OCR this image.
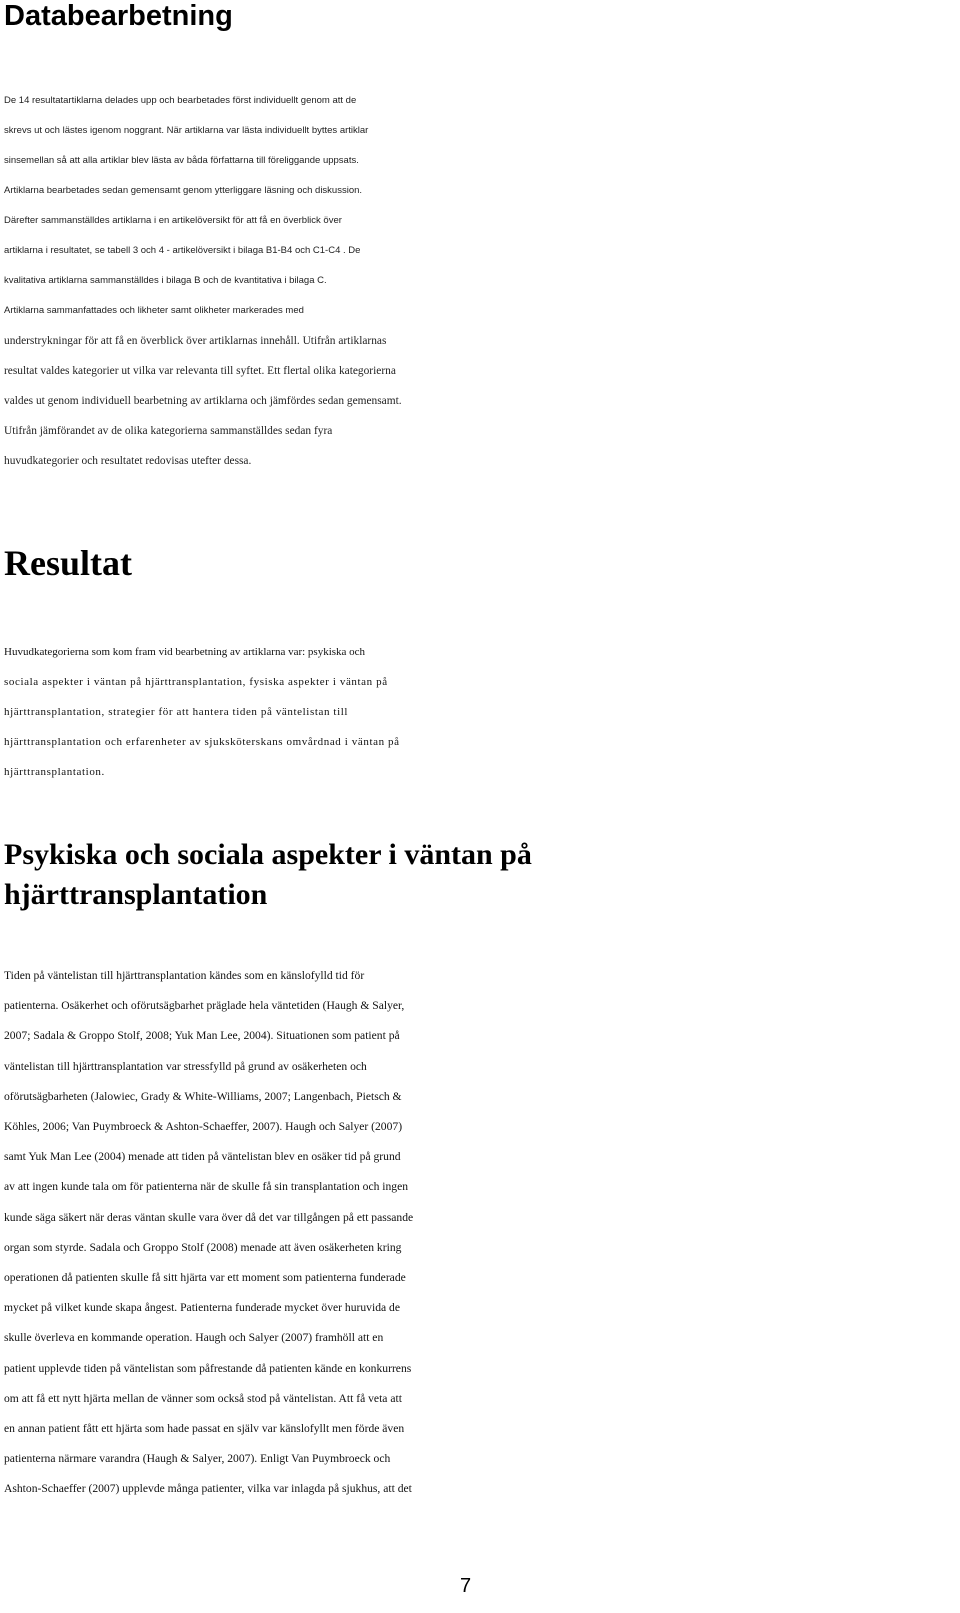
Databearbetning

De 14 resultatartiklarna delades upp och bearbetades först individuellt genom att de
skrevs ut och lästes igenom noggrant. När artiklarna var lästa individuellt byttes artiklar
sinsemellan så att alla artiklar blev lästa av båda författarna till föreliggande uppsats.
Artiklarna bearbetades sedan gemensamt genom ytterliggare läsning och diskussion.
Därefter sammanställdes artiklarna i en artikelöversikt för att få en överblick över
artiklarna i resultatet, se tabell 3 och 4 - artikelöversikt i bilaga B1-B4 och C1-C4 . De
kvalitativa artiklarna sammanställdes i bilaga B och de kvantitativa i bilaga C.
Artiklarna sammanfattades och likheter samt olikheter markerades med
understrykningar för att få en överblick över artiklarnas innehåll. Utifrån artiklarnas
resultat valdes kategorier ut vilka var relevanta till syftet. Ett flertal olika kategorierna
valdes ut genom individuell bearbetning av artiklarna och jämfördes sedan gemensamt.
Utifrån jämförandet av de olika kategorierna sammanställdes sedan fyra
huvudkategorier och resultatet redovisas utefter dessa.

Resultat

Huvudkategorierna som kom fram vid bearbetning av artiklarna var: psykiska och
sociala aspekter i väntan på hjärttransplantation, fysiska aspekter i väntan på
hjärttransplantation, strategier för att hantera tiden på väntelistan till
hjärttransplantation och erfarenheter av sjuksköterskans omvårdnad i väntan på
hjärttransplantation.

Psykiska och sociala aspekter i väntan på
hjärttransplantation

Tiden på väntelistan till hjärttransplantation kändes som en känslofylld tid för
patienterna. Osäkerhet och oförutsägbarhet präglade hela väntetiden (Haugh & Salyer,
2007; Sadala & Groppo Stolf, 2008; Yuk Man Lee, 2004). Situationen som patient på
väntelistan till hjärttransplantation var stressfylld på grund av osäkerheten och
oförutsägbarheten (Jalowiec, Grady & White-Williams, 2007; Langenbach, Pietsch &
Köhles, 2006; Van Puymbroeck & Ashton-Schaeffer, 2007). Haugh och Salyer (2007)
samt Yuk Man Lee (2004) menade att tiden på väntelistan blev en osäker tid på grund
av att ingen kunde tala om för patienterna när de skulle få sin transplantation och ingen
kunde säga säkert när deras väntan skulle vara över då det var tillgången på ett passande
organ som styrde. Sadala och Groppo Stolf (2008) menade att även osäkerheten kring
operationen då patienten skulle få sitt hjärta var ett moment som patienterna funderade
mycket på vilket kunde skapa ångest. Patienterna funderade mycket över huruvida de
skulle överleva en kommande operation. Haugh och Salyer (2007) framhöll att en
patient upplevde tiden på väntelistan som påfrestande då patienten kände en konkurrens
om att få ett nytt hjärta mellan de vänner som också stod på väntelistan. Att få veta att
en annan patient fått ett hjärta som hade passat en själv var känslofyllt men förde även
patienterna närmare varandra (Haugh & Salyer, 2007). Enligt Van Puymbroeck och
Ashton-Schaeffer (2007) upplevde många patienter, vilka var inlagda på sjukhus, att det

7
